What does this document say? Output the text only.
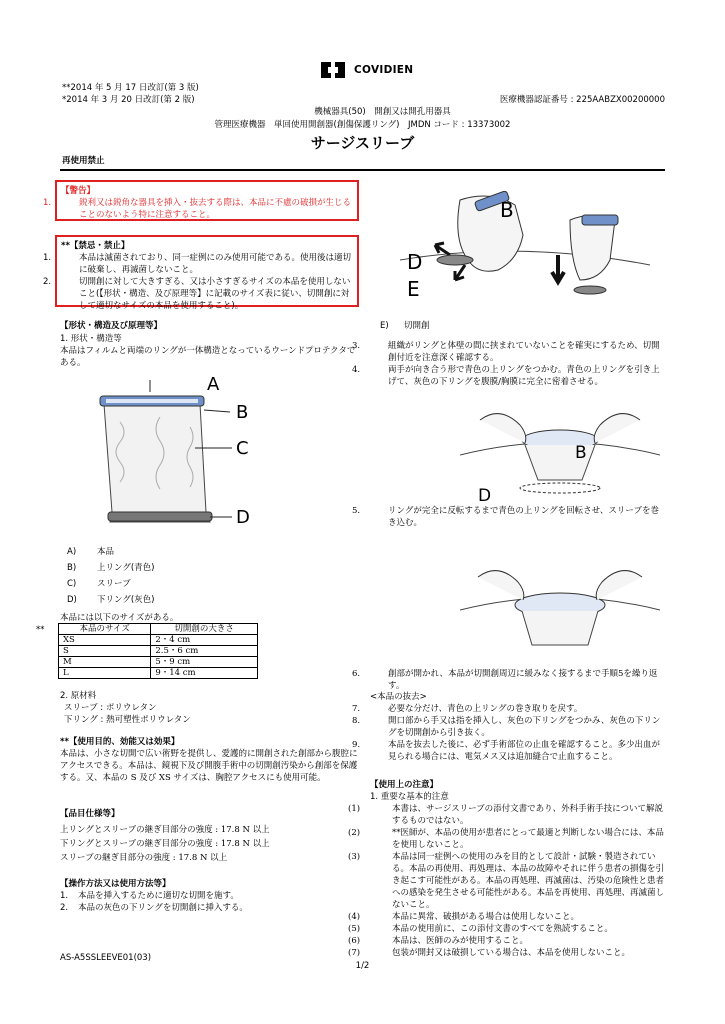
COVIDIEN
**2014 年 5 月 17 日改訂(第 3 版)
*2014 年 3 月 20 日改訂(第 2 版)	医療機器認証番号 : 225AABZX00200000
機械器具(50)　開創又は開孔用器具
管理医療機器　単回使用開創器(創傷保護リング)　JMDN コード : 13373002
サージスリーブ
再使用禁止
【警告】
1.	鋭利又は鋭角な器具を挿入・抜去する際は、本品に不慮の破損が生じることのないよう特に注意すること。
**【禁忌・禁止】
1.	本品は滅菌されており、同一症例にのみ使用可能である。使用後は適切に破棄し、再滅菌しないこと。
2.	切開創に対して大きすぎる、又は小さすぎるサイズの本品を使用しないこと(【形状・構造、及び原理等】に記載のサイズ表に従い、切開創に対して適切なサイズの本品を使用すること)。
【形状・構造及び原理等】
1. 形状・構造等
本品はフィルムと両端のリングが一体構造となっているウーンドプロテクタである。
A
B
C
D
A) 本品
B) 上リング(青色)
C) スリーブ
D) 下リング(灰色)
本品には以下のサイズがある。
**	本品のサイズ	切開創の大きさ
XS	2・4 cm
S	2.5・6 cm
M	5・9 cm
L	9・14 cm
2. 原材料
スリーブ : ポリウレタン
下リング : 熱可塑性ポリウレタン
**【使用目的、効能又は効果】
本品は、小さな切開で広い術野を提供し、愛護的に開創された創部から腹腔にアクセスできる。本品は、鏡視下及び開腹手術中の切開創汚染から創部を保護する。又、本品の S 及び XS サイズは、胸腔アクセスにも使用可能。
【品目仕様等】
上リングとスリーブの継ぎ目部分の強度 : 17.8 N 以上
下リングとスリーブの継ぎ目部分の強度 : 17.8 N 以上
スリーブの継ぎ目部分の強度 : 17.8 N 以上
【操作方法又は使用方法等】
1. 本品を挿入するために適切な切開を施す。
2. 本品の灰色の下リングを切開創に挿入する。
B
D
E
E) 切開創
3.	組織がリングと体壁の間に挟まれていないことを確実にするため、切開創付近を注意深く確認する。
4.	両手が向き合う形で青色の上リングをつかむ。青色の上リングを引き上げて、灰色の下リングを腹膜/胸膜に完全に密着させる。
B
D
5.	リングが完全に反転するまで青色の上リングを回転させ、スリーブを巻き込む。
6.	創部が開かれ、本品が切開創周辺に緩みなく接するまで手順5を繰り返す。
<本品の抜去>
7.	必要な分だけ、青色の上リングの巻き取りを戻す。
8.	開口部から手又は指を挿入し、灰色の下リングをつかみ、灰色の下リングを切開創から引き抜く。
9.	本品を抜去した後に、必ず手術部位の止血を確認すること。多少出血が見られる場合には、電気メス又は追加縫合で止血すること。
【使用上の注意】
1. 重要な基本的注意
(1)	本書は、サージスリーブの添付文書であり、外科手術手技について解説するものではない。
(2)	**医師が、本品の使用が患者にとって最適と判断しない場合には、本品を使用しないこと。
(3)	本品は同一症例への使用のみを目的として設計・試験・製造されている。本品の再使用、再処理は、本品の故障やそれに伴う患者の損傷を引き起こす可能性がある。本品の再処理、再滅菌は、汚染の危険性と患者への感染を発生させる可能性がある。本品を再使用、再処理、再滅菌しないこと。
(4)	本品に異常、破損がある場合は使用しないこと。
(5)	本品の使用前に、この添付文書のすべてを熟読すること。
(6)	本品は、医師のみが使用すること。
(7)	包装が開封又は破損している場合は、本品を使用しないこと。
AS-A5SSLEEVE01(03)
1/2
